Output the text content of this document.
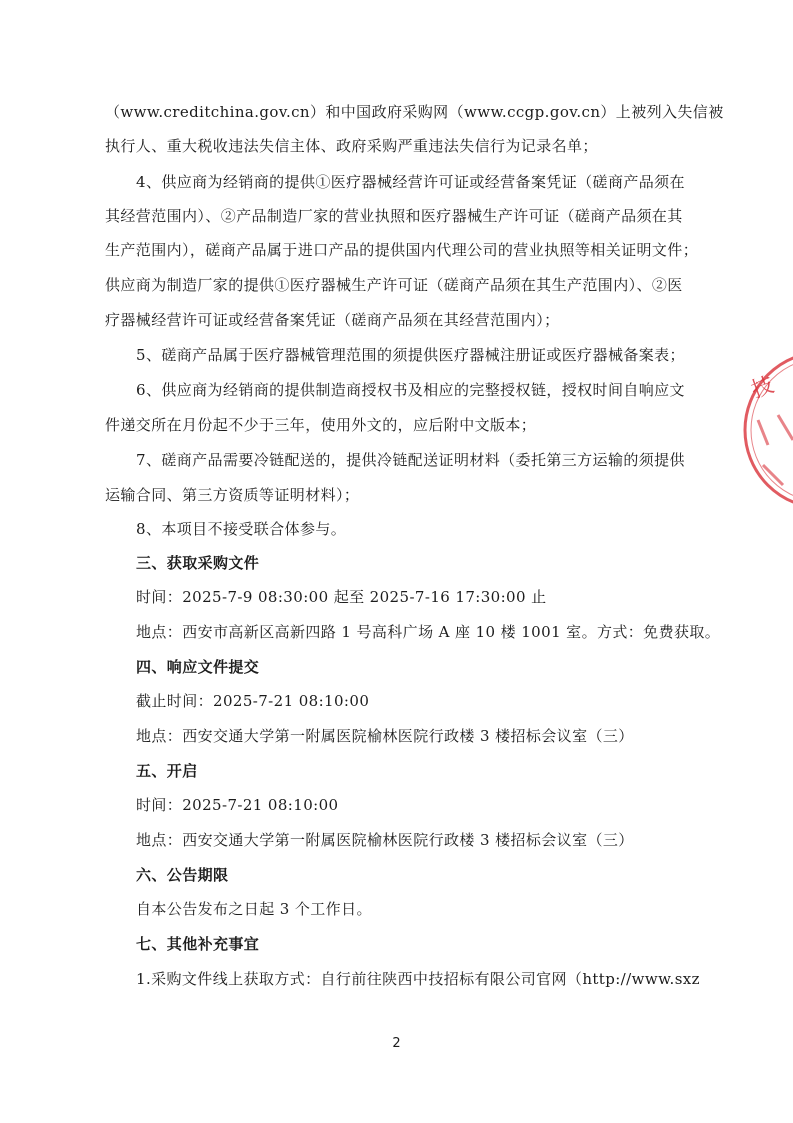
（www.creditchina.gov.cn）和中国政府采购网（www.ccgp.gov.cn）上被列入失信被
执行人、重大税收违法失信主体、政府采购严重违法失信行为记录名单；
4、供应商为经销商的提供①医疗器械经营许可证或经营备案凭证（磋商产品须在
其经营范围内）、②产品制造厂家的营业执照和医疗器械生产许可证（磋商产品须在其
生产范围内），磋商产品属于进口产品的提供国内代理公司的营业执照等相关证明文件；
供应商为制造厂家的提供①医疗器械生产许可证（磋商产品须在其生产范围内）、②医
疗器械经营许可证或经营备案凭证（磋商产品须在其经营范围内）；
5、磋商产品属于医疗器械管理范围的须提供医疗器械注册证或医疗器械备案表；
6、供应商为经销商的提供制造商授权书及相应的完整授权链，授权时间自响应文
件递交所在月份起不少于三年，使用外文的，应后附中文版本；
7、磋商产品需要冷链配送的，提供冷链配送证明材料（委托第三方运输的须提供
运输合同、第三方资质等证明材料）；
8、本项目不接受联合体参与。
三、获取采购文件
时间：2025-7-9 08:30:00 起至 2025-7-16 17:30:00 止
地点：西安市高新区高新四路 1 号高科广场 A 座 10 楼 1001 室。方式：免费获取。
四、响应文件提交
截止时间：2025-7-21 08:10:00
地点：西安交通大学第一附属医院榆林医院行政楼 3 楼招标会议室（三）
五、开启
时间：2025-7-21 08:10:00
地点：西安交通大学第一附属医院榆林医院行政楼 3 楼招标会议室（三）
六、公告期限
自本公告发布之日起 3 个工作日。
七、其他补充事宜
1.采购文件线上获取方式：自行前往陕西中技招标有限公司官网（http://www.sxz
2
技
